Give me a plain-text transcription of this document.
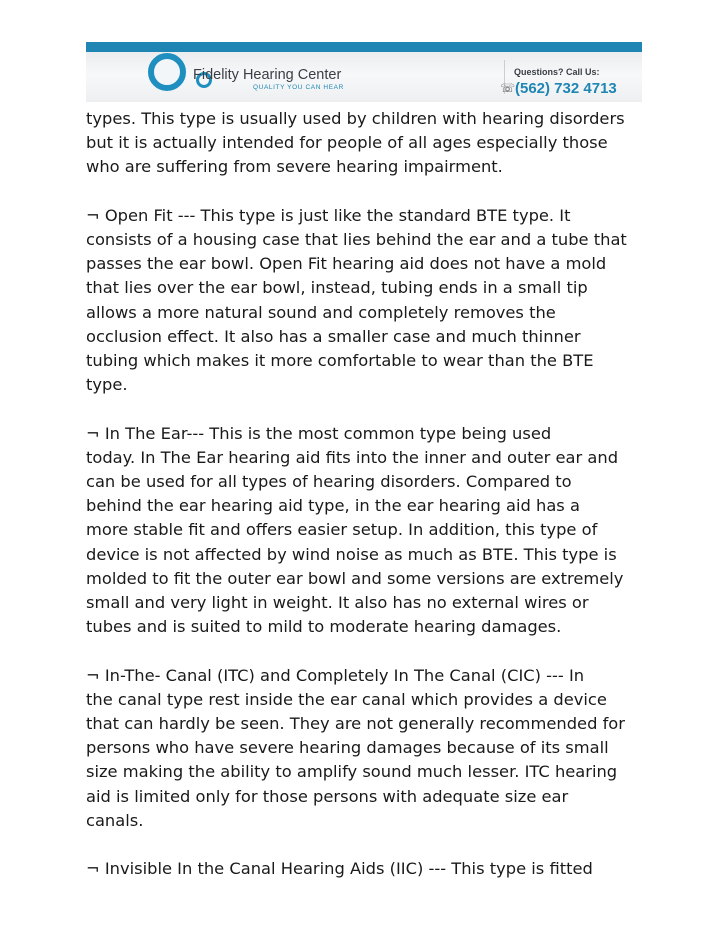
Fidelity Hearing Center
QUALITY YOU CAN HEAR
Questions? Call Us:
☏ (562) 732 4713
types. This type is usually used by children with hearing disorders
but it is actually intended for people of all ages especially those
who are suffering from severe hearing impairment.
¬ Open Fit --- This type is just like the standard BTE type. It
consists of a housing case that lies behind the ear and a tube that
passes the ear bowl. Open Fit hearing aid does not have a mold
that lies over the ear bowl, instead, tubing ends in a small tip
allows a more natural sound and completely removes the
occlusion effect. It also has a smaller case and much thinner
tubing which makes it more comfortable to wear than the BTE
type.
¬ In The Ear--- This is the most common type being used
today. In The Ear hearing aid fits into the inner and outer ear and
can be used for all types of hearing disorders. Compared to
behind the ear hearing aid type, in the ear hearing aid has a
more stable fit and offers easier setup. In addition, this type of
device is not affected by wind noise as much as BTE. This type is
molded to fit the outer ear bowl and some versions are extremely
small and very light in weight. It also has no external wires or
tubes and is suited to mild to moderate hearing damages.
¬ In-The- Canal (ITC) and Completely In The Canal (CIC) --- In
the canal type rest inside the ear canal which provides a device
that can hardly be seen. They are not generally recommended for
persons who have severe hearing damages because of its small
size making the ability to amplify sound much lesser. ITC hearing
aid is limited only for those persons with adequate size ear
canals.
¬ Invisible In the Canal Hearing Aids (IIC) --- This type is fitted
